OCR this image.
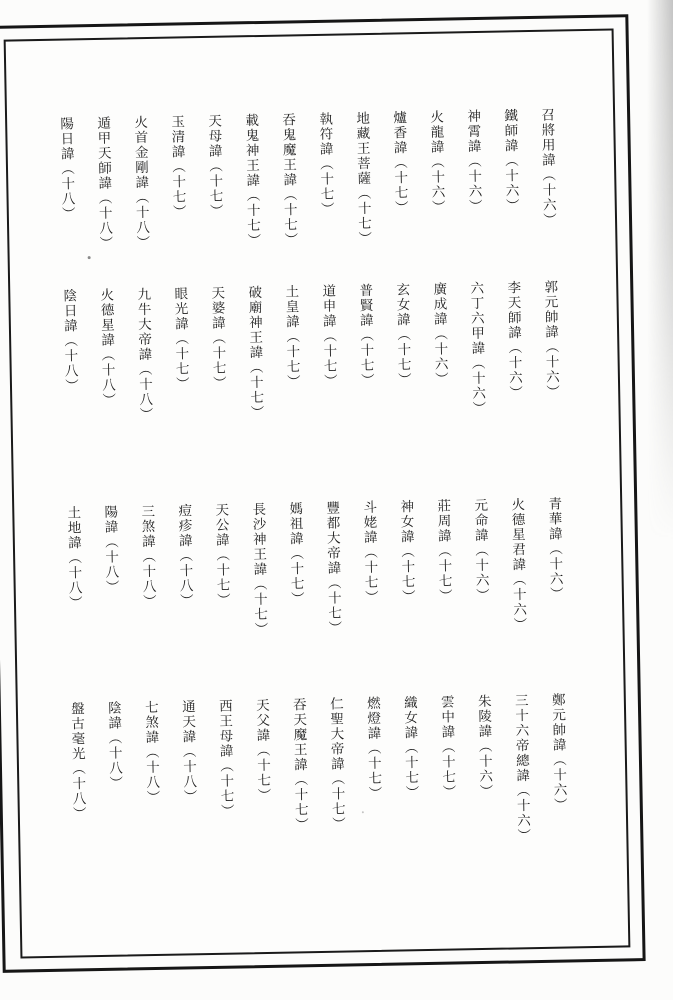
召將用諱（十六）
鐵師諱（十六）
神霄諱（十六）
火龍諱（十六）
爐香諱（十七）
地藏王菩薩（十七）
執符諱（十七）
吞鬼魔王諱（十七）
載鬼神王諱（十七）
天母諱（十七）
玉清諱（十七）
火首金剛諱（十八）
遁甲天師諱（十八）
陽日諱（十八）
郭元帥諱（十六）
李天師諱（十六）
六丁六甲諱（十六）
廣成諱（十六）
玄女諱（十七）
普賢諱（十七）
道申諱（十七）
土皇諱（十七）
破廟神王諱（十七）
天婆諱（十七）
眼光諱（十七）
九牛大帝諱（十八）
火德星諱（十八）
陰日諱（十八）
青華諱（十六）
火德星君諱（十六）
元命諱（十六）
莊周諱（十七）
神女諱（十七）
斗姥諱（十七）
豐都大帝諱（十七）
媽祖諱（十七）
長沙神王諱（十七）
天公諱（十七）
痘疹諱（十八）
三煞諱（十八）
陽諱（十八）
土地諱（十八）
鄭元帥諱（十六）
三十六帝總諱（十六）
朱陵諱（十六）
雲中諱（十七）
織女諱（十七）
燃燈諱（十七）
仁聖大帝諱（十七）
吞天魔王諱（十七）
天父諱（十七）
西王母諱（十七）
通天諱（十八）
七煞諱（十八）
陰諱（十八）
盤古毫光（十八）
